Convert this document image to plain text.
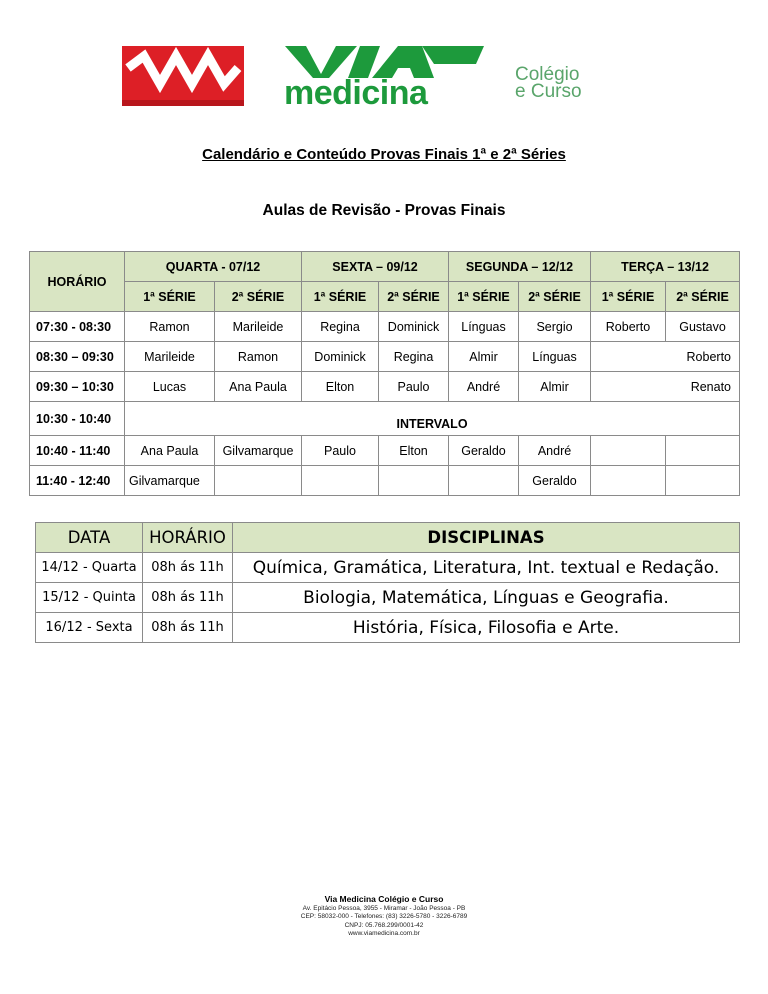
medicina	Colégio
e Curso
Calendário e Conteúdo Provas Finais 1ª e 2ª Séries
Aulas de Revisão - Provas Finais
HORÁRIO	QUARTA - 07/12		SEXTA – 09/12		SEGUNDA – 12/12		TERÇA – 13/12	
	1ª SÉRIE	2ª SÉRIE	1ª SÉRIE	2ª SÉRIE	1ª SÉRIE	2ª SÉRIE	1ª SÉRIE	2ª SÉRIE
07:30 - 08:30	Ramon	Marileide	Regina	Dominick	Línguas	Sergio	Roberto	Gustavo
08:30 – 09:30	Marileide	Ramon	Dominick	Regina	Almir	Línguas	Roberto	
09:30 – 10:30	Lucas	Ana Paula	Elton	Paulo	André	Almir	Renato	
10:30 - 10:40	INTERVALO							
10:40 - 11:40	Ana Paula	Gilvamarque	Paulo	Elton	Geraldo	André		
11:40 - 12:40	Gilvamarque					Geraldo		
DATA	HORÁRIO	DISCIPLINAS
14/12 - Quarta	08h ás 11h	Química, Gramática, Literatura, Int. textual e Redação.
15/12 - Quinta	08h ás 11h	Biologia, Matemática, Línguas e Geografia.
16/12 - Sexta	08h ás 11h	História, Física, Filosofia e Arte.
Via Medicina Colégio e Curso
Av. Epitácio Pessoa, 3955 - Miramar - João Pessoa - PB
CEP: 58032-000 - Telefones: (83) 3226-5780 - 3226-6789
CNPJ: 05.768.299/0001-42
www.viamedicina.com.br
